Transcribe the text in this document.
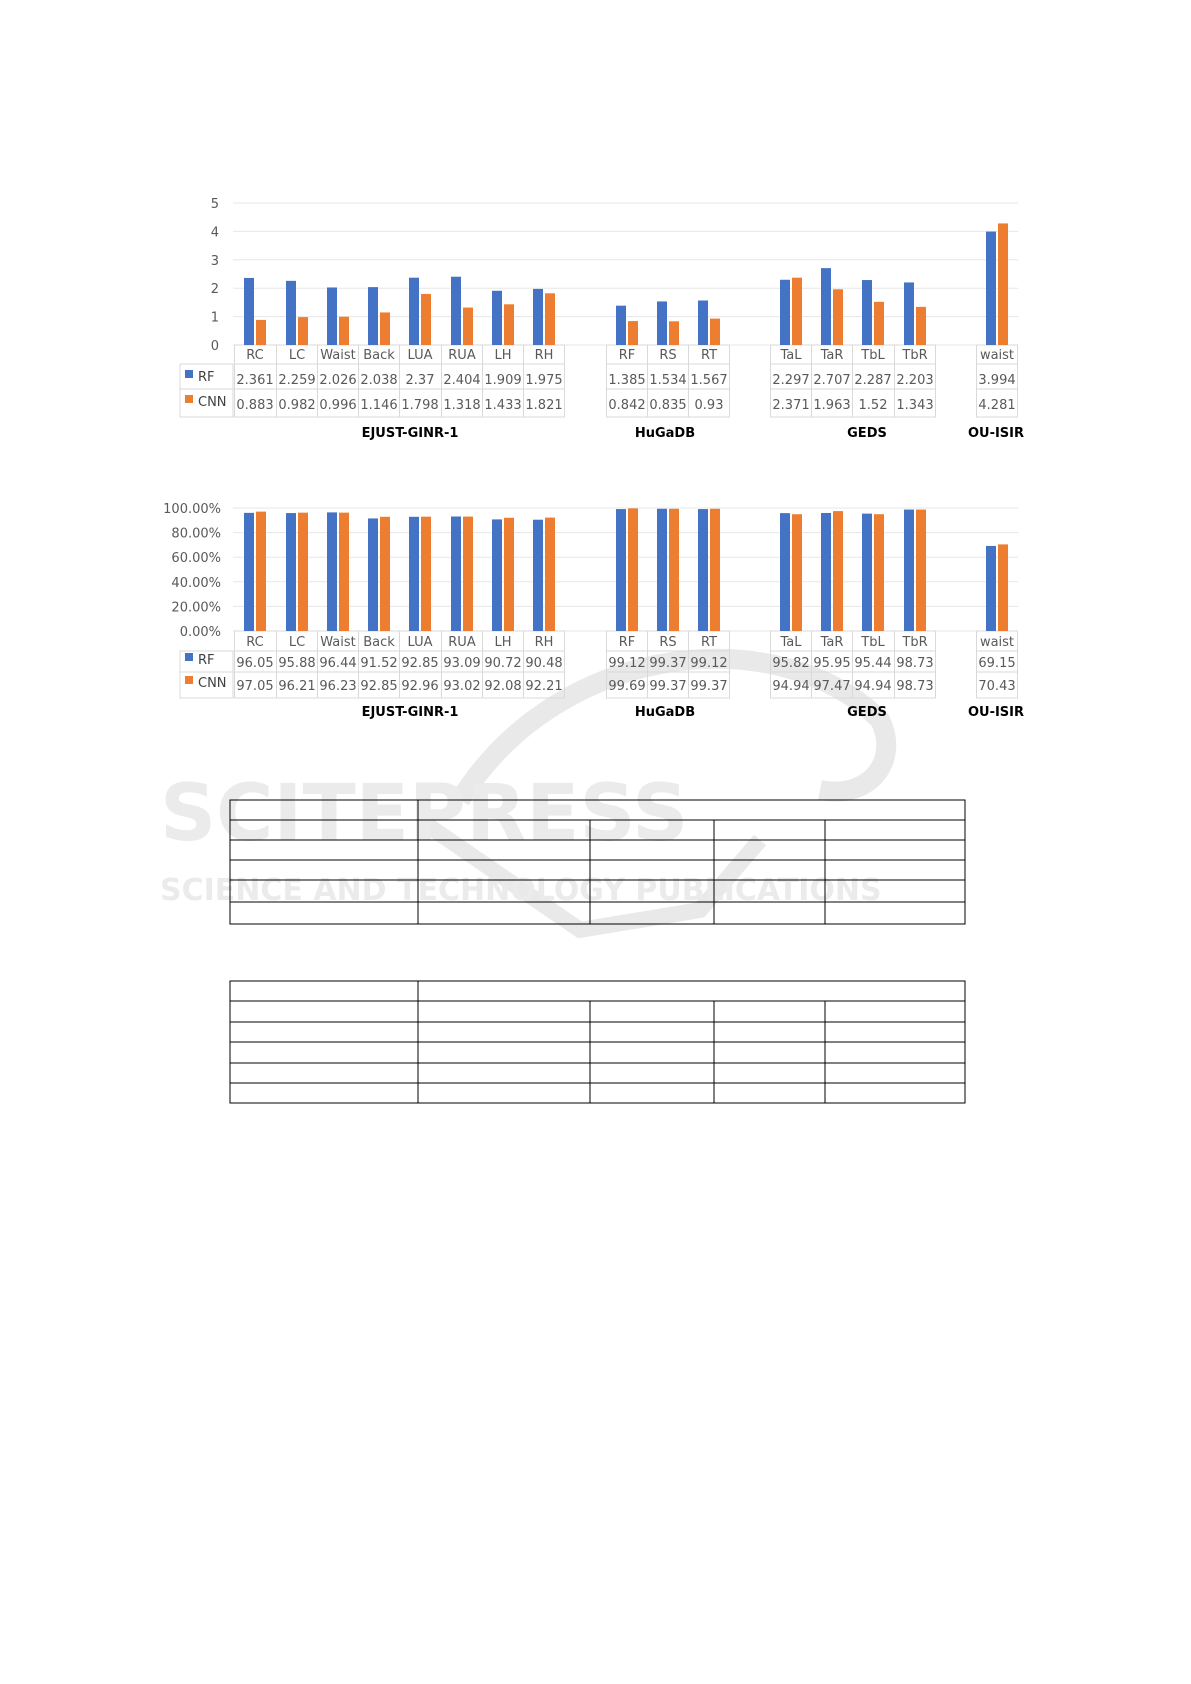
SCITEPRESS
SCIENCE AND TECHNOLOGY PUBLICATIONS
5
4
3
2
1
0
RF
CNN
RC
2.361
0.883
LC
2.259
0.982
Waist
2.026
0.996
Back
2.038
1.146
LUA
2.37
1.798
RUA
2.404
1.318
LH
1.909
1.433
RH
1.975
1.821
EJUST-GINR-1
RF
1.385
0.842
RS
1.534
0.835
RT
1.567
0.93
HuGaDB
TaL
2.297
2.371
TaR
2.707
1.963
TbL
2.287
1.52
TbR
2.203
1.343
GEDS
waist
3.994
4.281
OU-ISIR
100.00%
80.00%
60.00%
40.00%
20.00%
0.00%
RF
CNN
RC
96.05
97.05
LC
95.88
96.21
Waist
96.44
96.23
Back
91.52
92.85
LUA
92.85
92.96
RUA
93.09
93.02
LH
90.72
92.08
RH
90.48
92.21
EJUST-GINR-1
RF
99.12
99.69
RS
99.37
99.37
RT
99.12
99.37
HuGaDB
TaL
95.82
94.94
TaR
95.95
97.47
TbL
95.44
94.94
TbR
98.73
98.73
GEDS
waist
69.15
70.43
OU-ISIR
